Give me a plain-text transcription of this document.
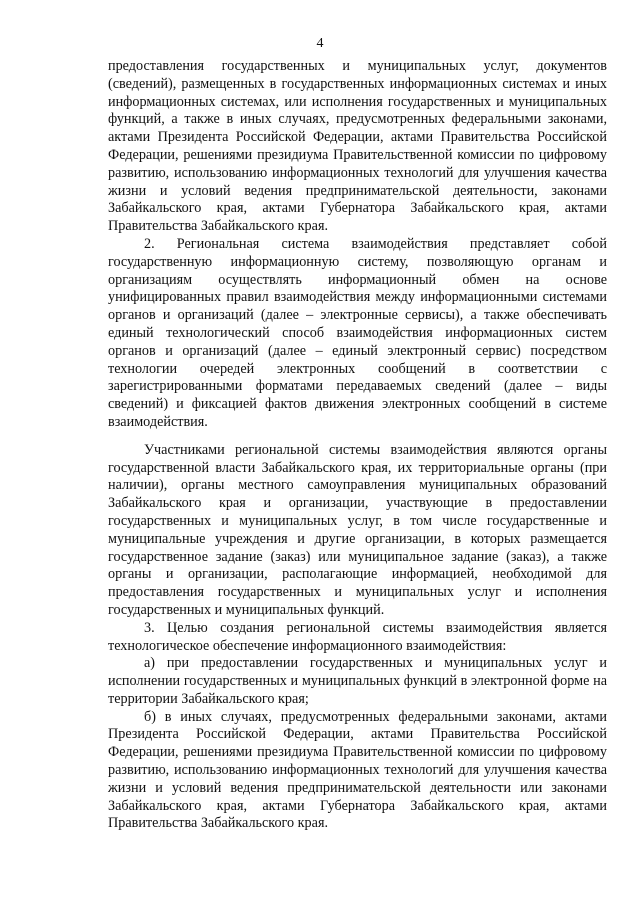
4

предоставления государственных и муниципальных услуг, документов (сведений), размещенных в государственных информационных системах и иных информационных системах, или исполнения государственных и муниципальных функций, а также в иных случаях, предусмотренных федеральными законами, актами Президента Российской Федерации, актами Правительства Российской Федерации, решениями президиума Правительственной комиссии по цифровому развитию, использованию информационных технологий для улучшения качества жизни и условий ведения предпринимательской деятельности, законами Забайкальского края, актами Губернатора Забайкальского края, актами Правительства Забайкальского края.

2. Региональная система взаимодействия представляет собой государственную информационную систему, позволяющую органам и организациям осуществлять информационный обмен на основе унифицированных правил взаимодействия между информационными системами органов и организаций (далее – электронные сервисы), а также обеспечивать единый технологический способ взаимодействия информационных систем органов и организаций (далее – единый электронный сервис) посредством технологии очередей электронных сообщений в соответствии с зарегистрированными форматами передаваемых сведений (далее – виды сведений) и фиксацией фактов движения электронных сообщений в системе взаимодействия.

Участниками региональной системы взаимодействия являются органы государственной власти Забайкальского края, их территориальные органы (при наличии), органы местного самоуправления муниципальных образований Забайкальского края и организации, участвующие в предоставлении государственных и муниципальных услуг, в том числе государственные и муниципальные учреждения и другие организации, в которых размещается государственное задание (заказ) или муниципальное задание (заказ), а также органы и организации, располагающие информацией, необходимой для предоставления государственных и муниципальных услуг и исполнения государственных и муниципальных функций.

3. Целью создания региональной системы взаимодействия является технологическое обеспечение информационного взаимодействия:

а) при предоставлении государственных и муниципальных услуг и исполнении государственных и муниципальных функций в электронной форме на территории Забайкальского края;

б) в иных случаях, предусмотренных федеральными законами, актами Президента Российской Федерации, актами Правительства Российской Федерации, решениями президиума Правительственной комиссии по цифровому развитию, использованию информационных технологий для улучшения качества жизни и условий ведения предпринимательской деятельности или законами Забайкальского края, актами Губернатора Забайкальского края, актами Правительства Забайкальского края.
